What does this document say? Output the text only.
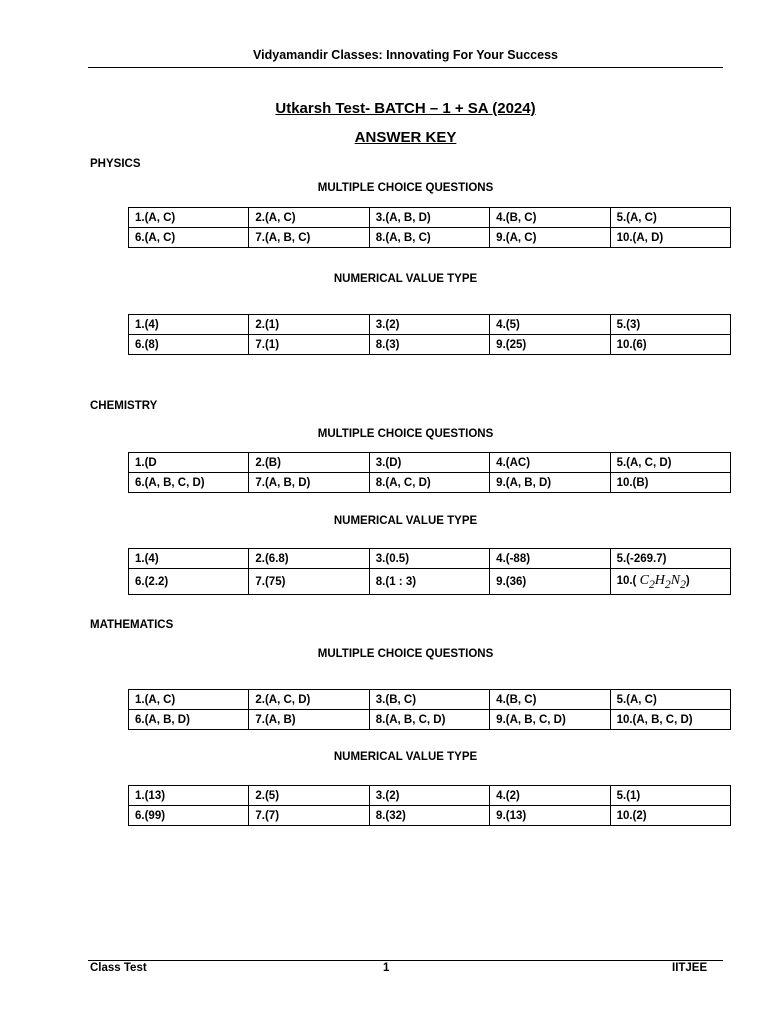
Vidyamandir Classes: Innovating For Your Success
Utkarsh Test- BATCH – 1 + SA (2024)
ANSWER KEY
PHYSICS
MULTIPLE CHOICE QUESTIONS
1.(A, C)	2.(A, C)	3.(A, B, D)	4.(B, C)	5.(A, C)
6.(A, C)	7.(A, B, C)	8.(A, B, C)	9.(A, C)	10.(A, D)
NUMERICAL VALUE TYPE
1.(4)	2.(1)	3.(2)	4.(5)	5.(3)
6.(8)	7.(1)	8.(3)	9.(25)	10.(6)
CHEMISTRY
MULTIPLE CHOICE QUESTIONS
1.(D	2.(B)	3.(D)	4.(AC)	5.(A, C, D)
6.(A, B, C, D)	7.(A, B, D)	8.(A, C, D)	9.(A, B, D)	10.(B)
NUMERICAL VALUE TYPE
1.(4)	2.(6.8)	3.(0.5)	4.(-88)	5.(-269.7)
6.(2.2)	7.(75)	8.(1 : 3)	9.(36)	10.( $C_2H_2N_2$)
MATHEMATICS
MULTIPLE CHOICE QUESTIONS
1.(A, C)	2.(A, C, D)	3.(B, C)	4.(B, C)	5.(A, C)
6.(A, B, D)	7.(A, B)	8.(A, B, C, D)	9.(A, B, C, D)	10.(A, B, C, D)
NUMERICAL VALUE TYPE
1.(13)	2.(5)	3.(2)	4.(2)	5.(1)
6.(99)	7.(7)	8.(32)	9.(13)	10.(2)
Class Test	1	IITJEE
